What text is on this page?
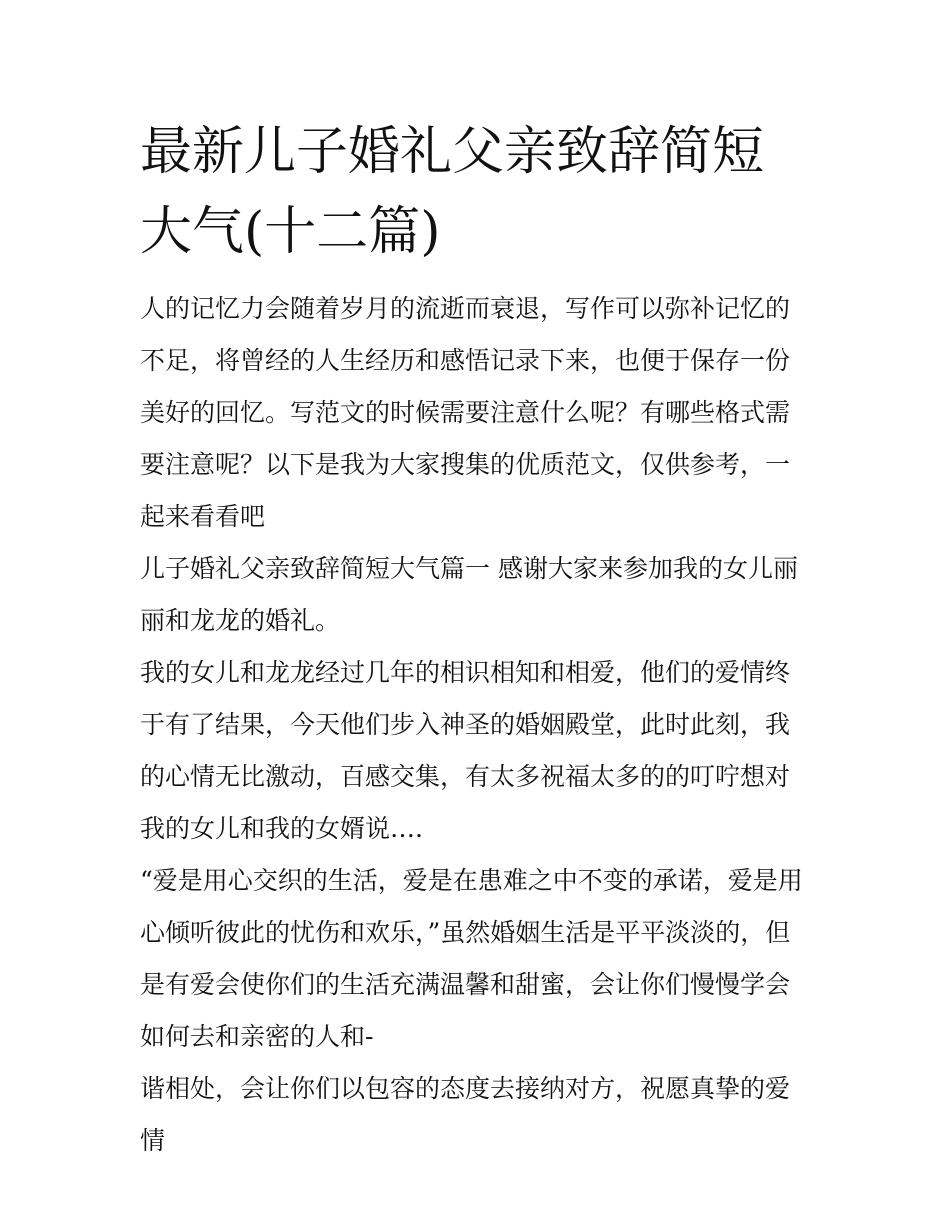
最新儿子婚礼父亲致辞简短大气(十二篇)

人的记忆力会随着岁月的流逝而衰退，写作可以弥补记忆的不足，将曾经的人生经历和感悟记录下来，也便于保存一份美好的回忆。写范文的时候需要注意什么呢？有哪些格式需要注意呢？以下是我为大家搜集的优质范文，仅供参考，一起来看看吧

儿子婚礼父亲致辞简短大气篇一 感谢大家来参加我的女儿丽丽和龙龙的婚礼。

我的女儿和龙龙经过几年的相识相知和相爱，他们的爱情终于有了结果，今天他们步入神圣的婚姻殿堂，此时此刻，我的心情无比激动，百感交集，有太多祝福太多的的叮咛想对我的女儿和我的女婿说….

“爱是用心交织的生活，爱是在患难之中不变的承诺，爱是用心倾听彼此的忧伤和欢乐，”虽然婚姻生活是平平淡淡的，但是有爱会使你们的生活充满温馨和甜蜜，会让你们慢慢学会如何去和亲密的人和-

谐相处，会让你们以包容的态度去接纳对方，祝愿真挚的爱情
